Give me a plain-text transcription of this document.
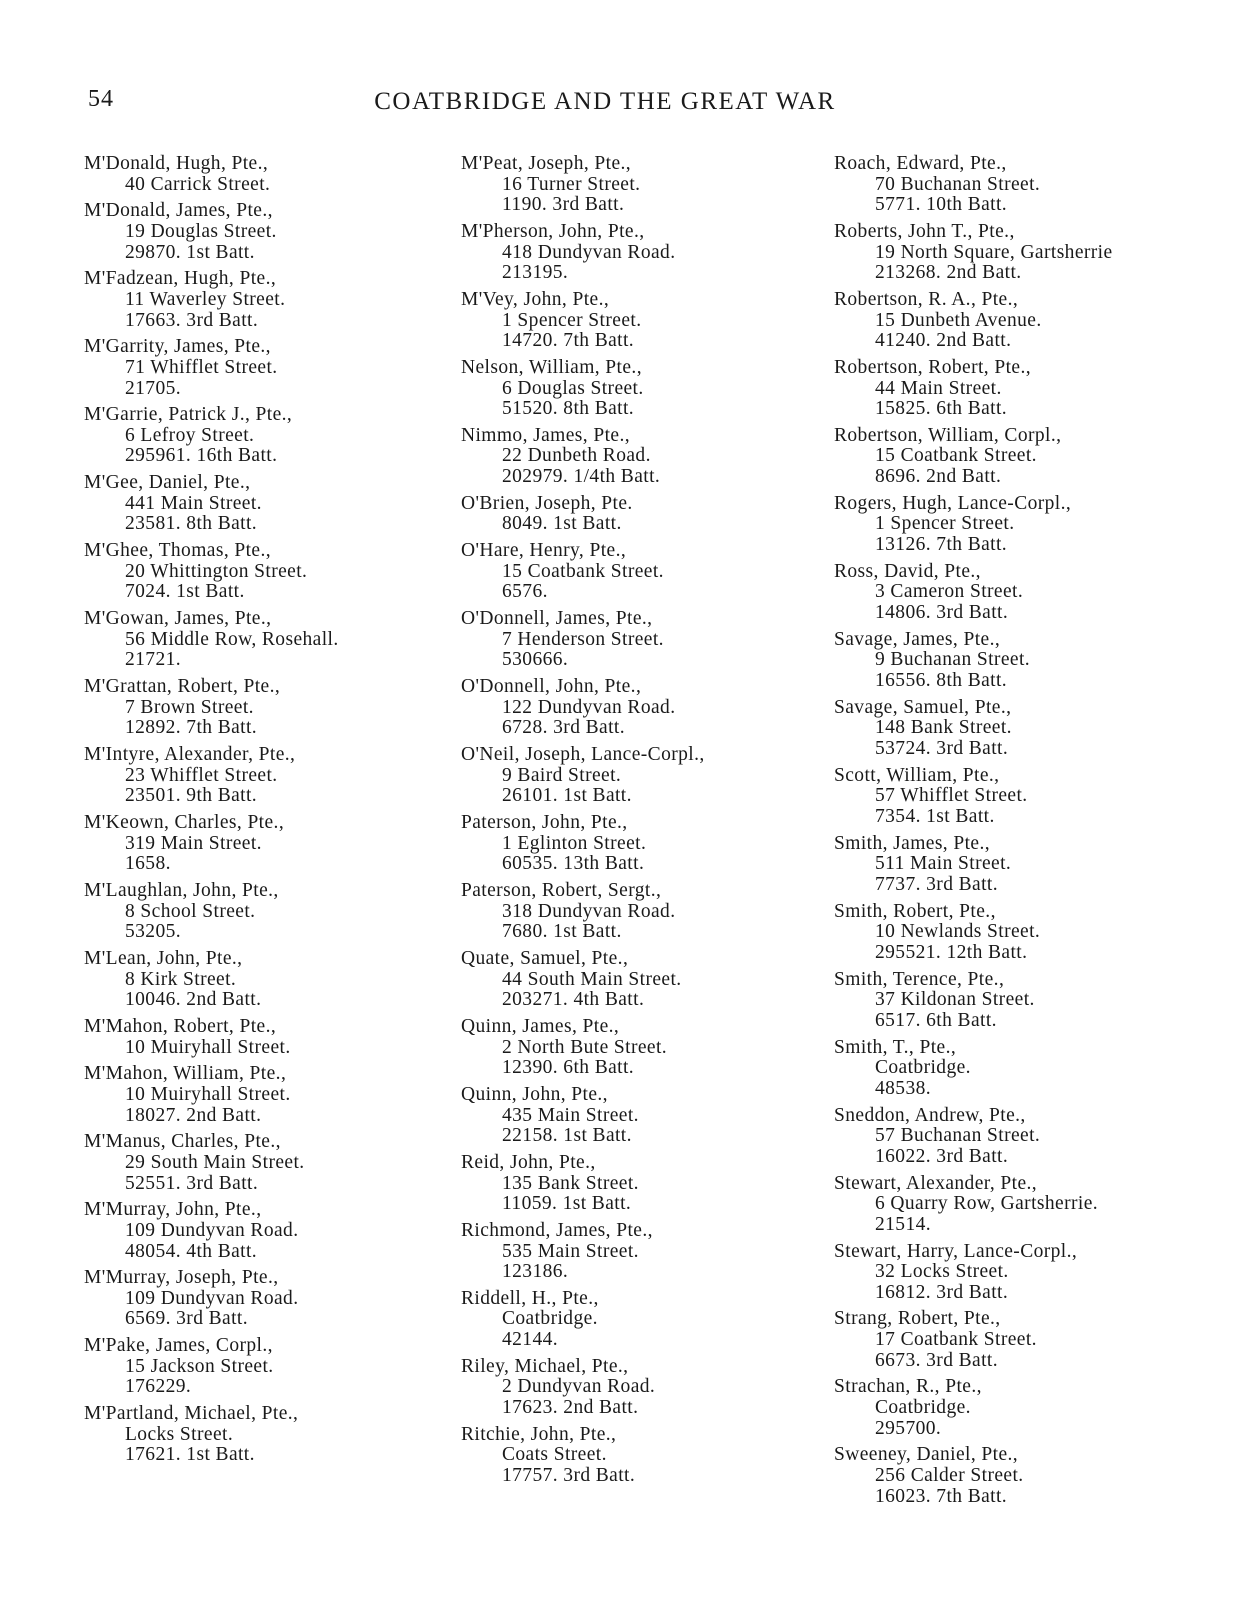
54	COATBRIDGE AND THE GREAT WAR
M'Donald, Hugh, Pte.,
40 Carrick Street.
M'Donald, James, Pte.,
19 Douglas Street.
29870. 1st Batt.
M'Fadzean, Hugh, Pte.,
11 Waverley Street.
17663. 3rd Batt.
M'Garrity, James, Pte.,
71 Whifflet Street.
21705.
M'Garrie, Patrick J., Pte.,
6 Lefroy Street.
295961. 16th Batt.
M'Gee, Daniel, Pte.,
441 Main Street.
23581. 8th Batt.
M'Ghee, Thomas, Pte.,
20 Whittington Street.
7024. 1st Batt.
M'Gowan, James, Pte.,
56 Middle Row, Rosehall.
21721.
M'Grattan, Robert, Pte.,
7 Brown Street.
12892. 7th Batt.
M'Intyre, Alexander, Pte.,
23 Whifflet Street.
23501. 9th Batt.
M'Keown, Charles, Pte.,
319 Main Street.
1658.
M'Laughlan, John, Pte.,
8 School Street.
53205.
M'Lean, John, Pte.,
8 Kirk Street.
10046. 2nd Batt.
M'Mahon, Robert, Pte.,
10 Muiryhall Street.
M'Mahon, William, Pte.,
10 Muiryhall Street.
18027. 2nd Batt.
M'Manus, Charles, Pte.,
29 South Main Street.
52551. 3rd Batt.
M'Murray, John, Pte.,
109 Dundyvan Road.
48054. 4th Batt.
M'Murray, Joseph, Pte.,
109 Dundyvan Road.
6569. 3rd Batt.
M'Pake, James, Corpl.,
15 Jackson Street.
176229.
M'Partland, Michael, Pte.,
Locks Street.
17621. 1st Batt.
M'Peat, Joseph, Pte.,
16 Turner Street.
1190. 3rd Batt.
M'Pherson, John, Pte.,
418 Dundyvan Road.
213195.
M'Vey, John, Pte.,
1 Spencer Street.
14720. 7th Batt.
Nelson, William, Pte.,
6 Douglas Street.
51520. 8th Batt.
Nimmo, James, Pte.,
22 Dunbeth Road.
202979. 1/4th Batt.
O'Brien, Joseph, Pte.
8049. 1st Batt.
O'Hare, Henry, Pte.,
15 Coatbank Street.
6576.
O'Donnell, James, Pte.,
7 Henderson Street.
530666.
O'Donnell, John, Pte.,
122 Dundyvan Road.
6728. 3rd Batt.
O'Neil, Joseph, Lance-Corpl.,
9 Baird Street.
26101. 1st Batt.
Paterson, John, Pte.,
1 Eglinton Street.
60535. 13th Batt.
Paterson, Robert, Sergt.,
318 Dundyvan Road.
7680. 1st Batt.
Quate, Samuel, Pte.,
44 South Main Street.
203271. 4th Batt.
Quinn, James, Pte.,
2 North Bute Street.
12390. 6th Batt.
Quinn, John, Pte.,
435 Main Street.
22158. 1st Batt.
Reid, John, Pte.,
135 Bank Street.
11059. 1st Batt.
Richmond, James, Pte.,
535 Main Street.
123186.
Riddell, H., Pte.,
Coatbridge.
42144.
Riley, Michael, Pte.,
2 Dundyvan Road.
17623. 2nd Batt.
Ritchie, John, Pte.,
Coats Street.
17757. 3rd Batt.
Roach, Edward, Pte.,
70 Buchanan Street.
5771. 10th Batt.
Roberts, John T., Pte.,
19 North Square, Gartsherrie
213268. 2nd Batt.
Robertson, R. A., Pte.,
15 Dunbeth Avenue.
41240. 2nd Batt.
Robertson, Robert, Pte.,
44 Main Street.
15825. 6th Batt.
Robertson, William, Corpl.,
15 Coatbank Street.
8696. 2nd Batt.
Rogers, Hugh, Lance-Corpl.,
1 Spencer Street.
13126. 7th Batt.
Ross, David, Pte.,
3 Cameron Street.
14806. 3rd Batt.
Savage, James, Pte.,
9 Buchanan Street.
16556. 8th Batt.
Savage, Samuel, Pte.,
148 Bank Street.
53724. 3rd Batt.
Scott, William, Pte.,
57 Whifflet Street.
7354. 1st Batt.
Smith, James, Pte.,
511 Main Street.
7737. 3rd Batt.
Smith, Robert, Pte.,
10 Newlands Street.
295521. 12th Batt.
Smith, Terence, Pte.,
37 Kildonan Street.
6517. 6th Batt.
Smith, T., Pte.,
Coatbridge.
48538.
Sneddon, Andrew, Pte.,
57 Buchanan Street.
16022. 3rd Batt.
Stewart, Alexander, Pte.,
6 Quarry Row, Gartsherrie.
21514.
Stewart, Harry, Lance-Corpl.,
32 Locks Street.
16812. 3rd Batt.
Strang, Robert, Pte.,
17 Coatbank Street.
6673. 3rd Batt.
Strachan, R., Pte.,
Coatbridge.
295700.
Sweeney, Daniel, Pte.,
256 Calder Street.
16023. 7th Batt.
